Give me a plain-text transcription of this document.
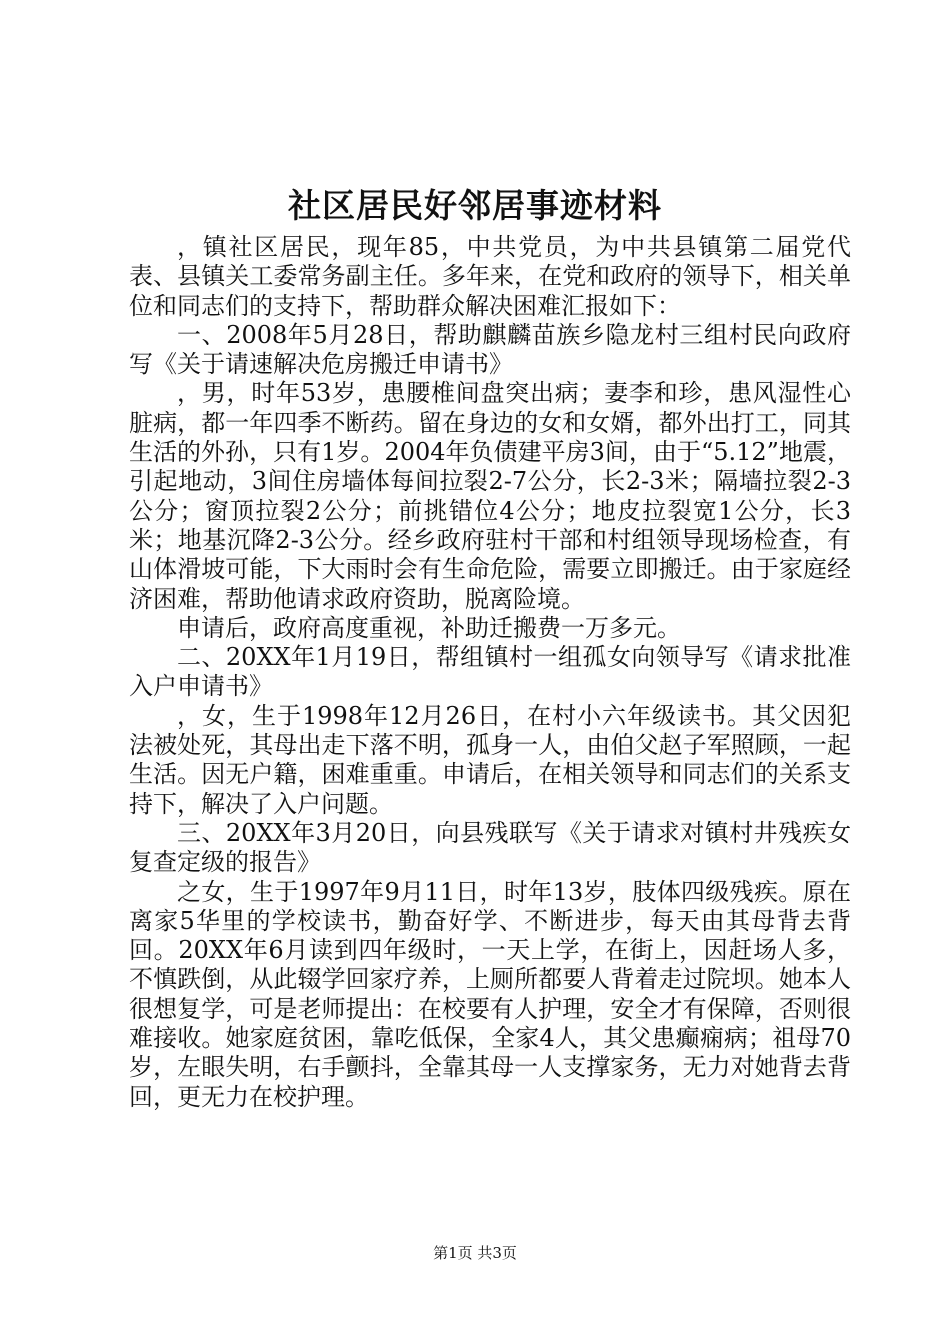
社区居民好邻居事迹材料

，镇社区居民，现年85，中共党员，为中共县镇第二届党代表、县镇关工委常务副主任。多年来，在党和政府的领导下，相关单位和同志们的支持下，帮助群众解决困难汇报如下：

一、2008年5月28日，帮助麒麟苗族乡隐龙村三组村民向政府写《关于请速解决危房搬迁申请书》

，男，时年53岁，患腰椎间盘突出病；妻李和珍，患风湿性心脏病，都一年四季不断药。留在身边的女和女婿，都外出打工，同其生活的外孙，只有1岁。2004年负债建平房3间，由于“5.12”地震，引起地动，3间住房墙体每间拉裂2-7公分，长2-3米；隔墙拉裂2-3公分；窗顶拉裂2公分；前挑错位4公分；地皮拉裂宽1公分，长3米；地基沉降2-3公分。经乡政府驻村干部和村组领导现场检查，有山体滑坡可能，下大雨时会有生命危险，需要立即搬迁。由于家庭经济困难，帮助他请求政府资助，脱离险境。

申请后，政府高度重视，补助迁搬费一万多元。

二、20XX年1月19日，帮组镇村一组孤女向领导写《请求批准入户申请书》

，女，生于1998年12月26日，在村小六年级读书。其父因犯法被处死，其母出走下落不明，孤身一人，由伯父赵子军照顾，一起生活。因无户籍，困难重重。申请后，在相关领导和同志们的关系支持下，解决了入户问题。

三、20XX年3月20日，向县残联写《关于请求对镇村井残疾女复查定级的报告》

之女，生于1997年9月11日，时年13岁，肢体四级残疾。原在离家5华里的学校读书，勤奋好学、不断进步，每天由其母背去背回。20XX年6月读到四年级时，一天上学，在街上，因赶场人多，不慎跌倒，从此辍学回家疗养，上厕所都要人背着走过院坝。她本人很想复学，可是老师提出：在校要有人护理，安全才有保障，否则很难接收。她家庭贫困，靠吃低保，全家4人，其父患癫痫病；祖母70岁，左眼失明，右手颤抖，全靠其母一人支撑家务，无力对她背去背回，更无力在校护理。

第1页 共3页
